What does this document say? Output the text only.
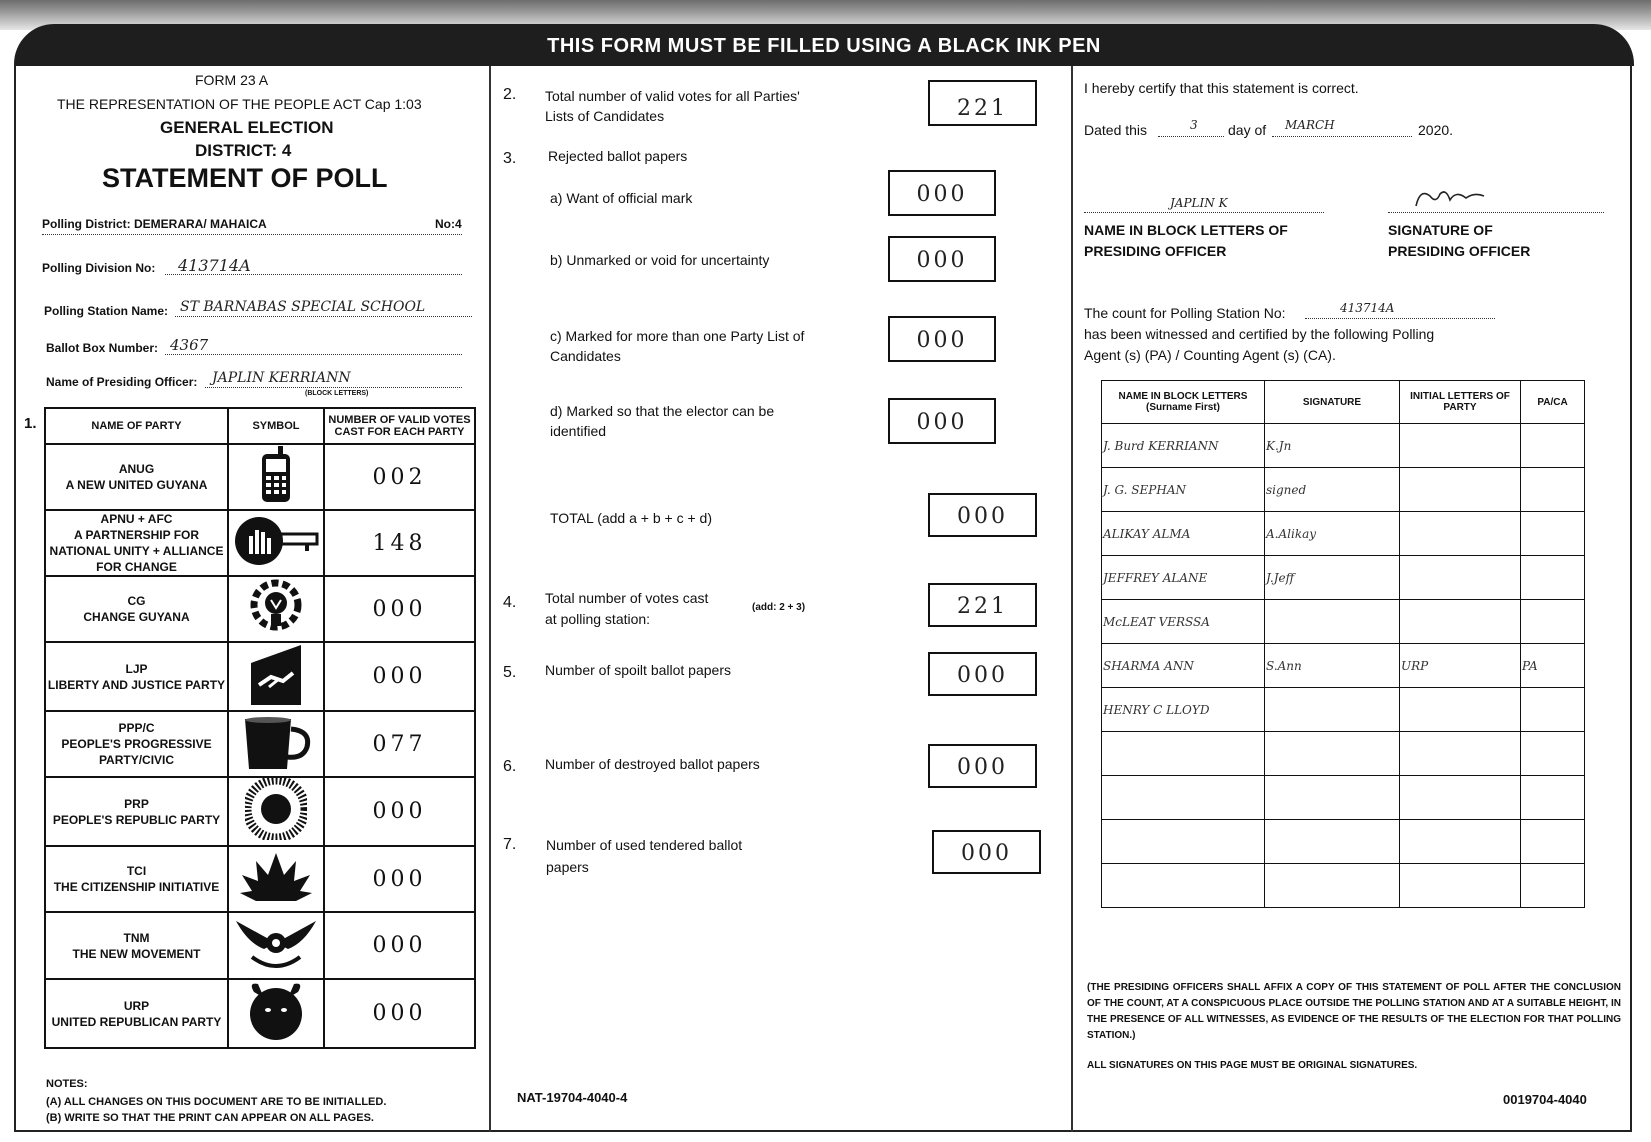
THIS FORM MUST BE FILLED USING A BLACK INK PEN
FORM 23 A
THE REPRESENTATION OF THE PEOPLE ACT Cap 1:03
GENERAL ELECTION
DISTRICT: 4
STATEMENT OF POLL
Polling District: DEMERARA/ MAHAICA	No:4
Polling Division No: 413714A
Polling Station Name: ST BARNABAS SPECIAL SCHOOL
Ballot Box Number: 4367
Name of Presiding Officer: JAPLIN KERRIANN
(BLOCK LETTERS)
1.	NAME OF PARTY	SYMBOL	NUMBER OF VALID VOTES CAST FOR EACH PARTY

ANUG
A NEW UNITED GUYANA		002

APNU + AFC
A PARTNERSHIP FOR NATIONAL UNITY + ALLIANCE FOR CHANGE		148

CG
CHANGE GUYANA		000

LJP
LIBERTY AND JUSTICE PARTY		000

PPP/C
PEOPLE'S PROGRESSIVE PARTY/CIVIC		077

PRP
PEOPLE'S REPUBLIC PARTY		000

TCI
THE CITIZENSHIP INITIATIVE		000

TNM
THE NEW MOVEMENT		000

URP
UNITED REPUBLICAN PARTY		000
NOTES:
(A) ALL CHANGES ON THIS DOCUMENT ARE TO BE INITIALLED.
(B) WRITE SO THAT THE PRINT CAN APPEAR ON ALL PAGES.
2. Total number of valid votes for all Parties' Lists of Candidates	221
3. Rejected ballot papers
a) Want of official mark	000
b) Unmarked or void for uncertainty	000
c) Marked for more than one Party List of Candidates
000
d) Marked so that the elector can be identified	000
TOTAL (add a + b + c + d)	000
4. Total number of votes cast at polling station:
(add: 2 + 3)	221
5. Number of spoilt ballot papers	000
6. Number of destroyed ballot papers	000
7. Number of used tendered ballot papers
000
NAT-19704-4040-4
I hereby certify that this statement is correct.
Dated this	3 day of MARCH	2020.
JAPLIN K
NAME IN BLOCK LETTERS OF
PRESIDING OFFICER
SIGNATURE OF
PRESIDING OFFICER
The count for Polling Station No:	413714A
has been witnessed and certified by the following Polling
Agent (s) (PA) / Counting Agent (s) (CA).
NAME IN BLOCK LETTERS (Surname First)	SIGNATURE	INITIAL LETTERS OF PARTY	PA/CA
J. Burd KERRIANN	K.Jn		
J. G. SEPHAN	signed		
ALIKAY ALMA	A.Alikay		
JEFFREY ALANE	J.Jeff		
McLEAT VERSSA			
SHARMA ANN	S.Ann	URP	PA
HENRY C LLOYD			

(THE PRESIDING OFFICERS SHALL AFFIX A COPY OF THIS STATEMENT OF POLL AFTER THE CONCLUSION OF THE COUNT, AT A CONSPICUOUS PLACE OUTSIDE THE POLLING STATION AND AT A SUITABLE HEIGHT, IN THE PRESENCE OF ALL WITNESSES, AS EVIDENCE OF THE RESULTS OF THE ELECTION FOR THAT POLLING STATION.)
ALL SIGNATURES ON THIS PAGE MUST BE ORIGINAL SIGNATURES.
0019704-4040
